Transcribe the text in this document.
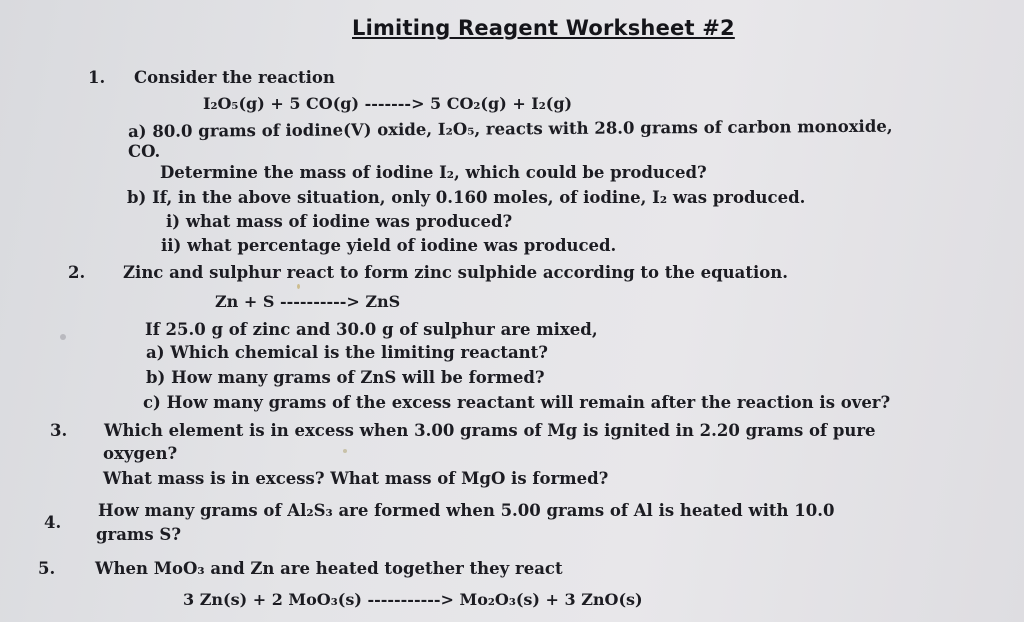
Limiting Reagent Worksheet #2
1. Consider the reaction
I₂O₅(g) + 5 CO(g) -------> 5 CO₂(g) + I₂(g)
a) 80.0 grams of iodine(V) oxide, I₂O₅, reacts with 28.0 grams of carbon monoxide,
CO.
Determine the mass of iodine I₂, which could be produced?
b) If, in the above situation, only 0.160 moles, of iodine, I₂ was produced.
i) what mass of iodine was produced?
ii) what percentage yield of iodine was produced.
2. Zinc and sulphur react to form zinc sulphide according to the equation.
Zn + S ----------> ZnS
If 25.0 g of zinc and 30.0 g of sulphur are mixed,
a) Which chemical is the limiting reactant?
b) How many grams of ZnS will be formed?
c) How many grams of the excess reactant will remain after the reaction is over?
3. Which element is in excess when 3.00 grams of Mg is ignited in 2.20 grams of pure
oxygen?
What mass is in excess? What mass of MgO is formed?
4.
How many grams of Al₂S₃ are formed when 5.00 grams of Al is heated with 10.0
grams S?
5. When MoO₃ and Zn are heated together they react
3 Zn(s) + 2 MoO₃(s) -----------> Mo₂O₃(s) + 3 ZnO(s)
